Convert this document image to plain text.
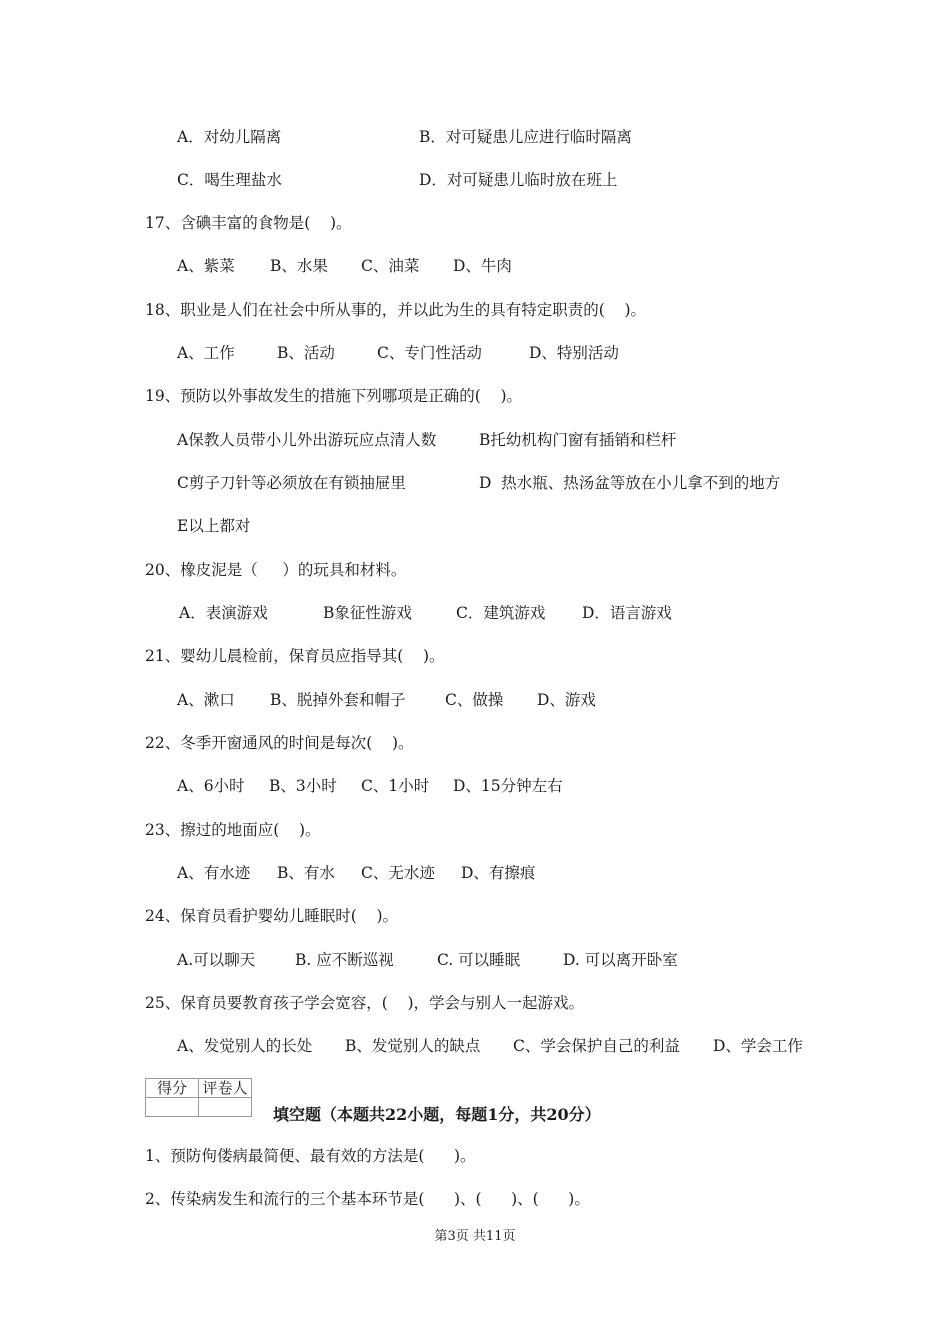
A．对幼儿隔离	B．对可疑患儿应进行临时隔离
C．喝生理盐水	D．对可疑患儿临时放在班上
17、含碘丰富的食物是(    )。
A、紫菜 B、水果 C、油菜 D、牛肉
18、职业是人们在社会中所从事的，并以此为生的具有特定职责的(    )。
A、工作	B、活动	C、专门性活动	D、特别活动
19、预防以外事故发生的措施下列哪项是正确的(    )。
A保教人员带小儿外出游玩应点清人数	B托幼机构门窗有插销和栏杆
C剪子刀针等必须放在有锁抽屉里	D  热水瓶、热汤盆等放在小儿拿不到的地方
E以上都对
20、橡皮泥是（     ）的玩具和材料。
A．表演游戏	B象征性游戏	C．建筑游戏 D．语言游戏
21、婴幼儿晨检前，保育员应指导其(    )。
A、漱口 B、脱掉外套和帽子	C、做操 D、游戏
22、冬季开窗通风的时间是每次(    )。
A、6小时 B、3小时 C、1小时 D、15分钟左右
23、擦过的地面应(    )。
A、有水迹 B、有水 C、无水迹 D、有擦痕
24、保育员看护婴幼儿睡眠时(    )。
A.可以聊天	B. 应不断巡视	C. 可以睡眠	D. 可以离开卧室
25、保育员要教育孩子学会宽容，(    )，学会与别人一起游戏。
A、发觉别人的长处 B、发觉别人的缺点 C、学会保护自己的利益 D、学会工作
得分	评卷人

填空题（本题共22小题，每题1分，共20分）
1、预防佝偻病最简便、最有效的方法是(      )。
2、传染病发生和流行的三个基本环节是(      )、(      )、(      )。
第3页 共11页
